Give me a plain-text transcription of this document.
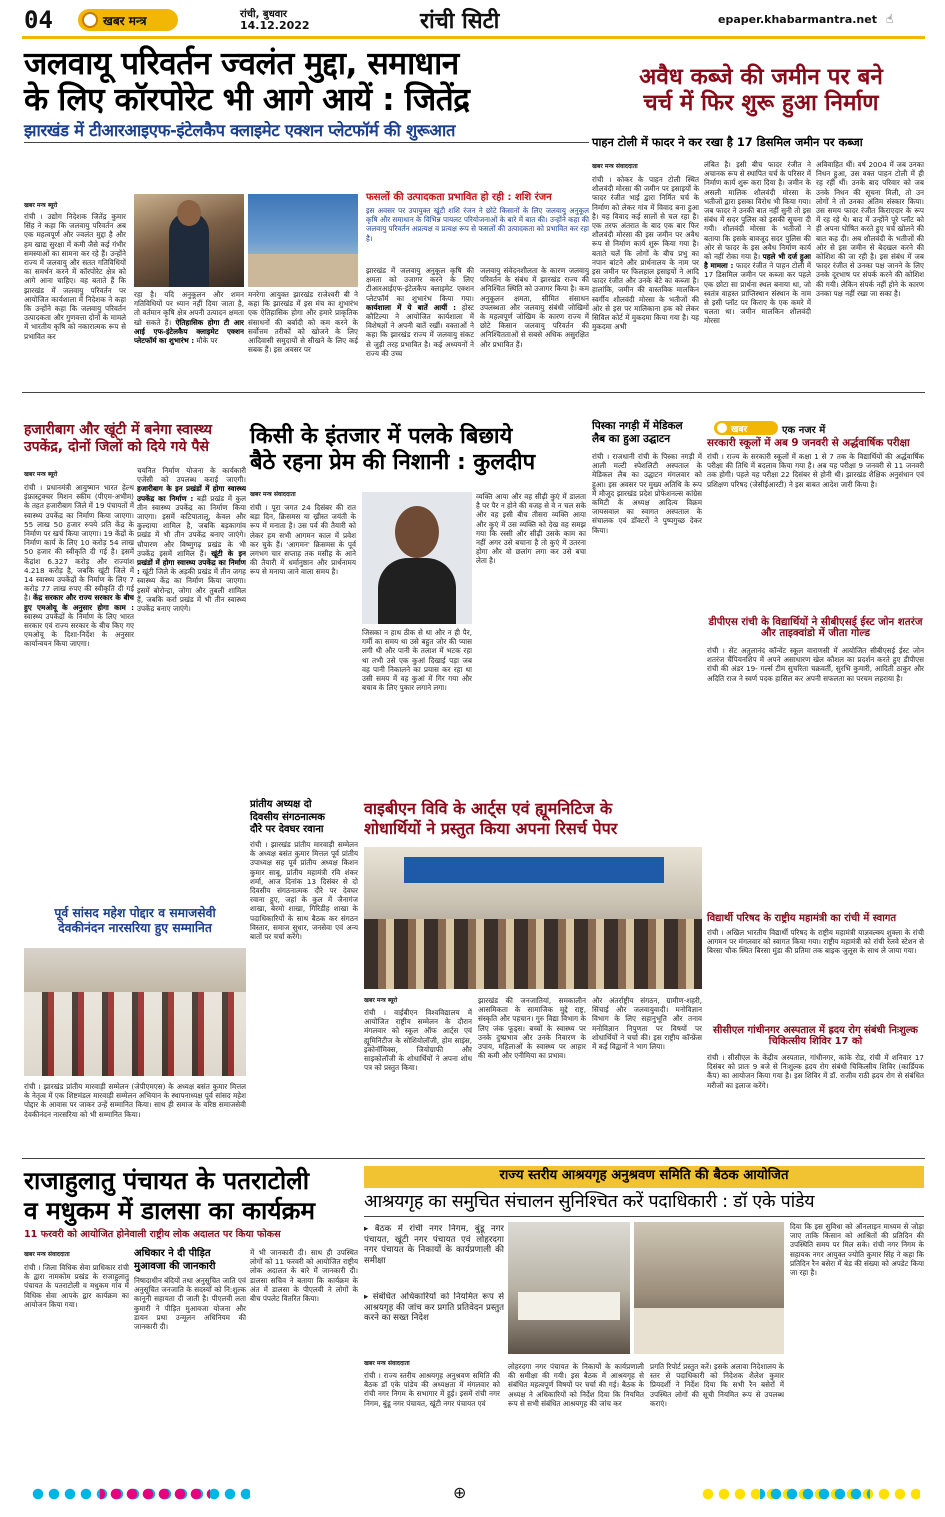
04	खबर मन्त्र	रांची, बुधवार
14.12.2022	रांची सिटी	epaper.khabarmantra.net ☝
जलवायू परिवर्तन ज्वलंत मुद्दा, समाधान
के लिए कॉरपोरेट भी आगे आयें : जितेंद्र
झारखंड में टीआरआइएफ-इंटेलकैप क्लाइमेट एक्शन प्लेटफॉर्म की शुरूआत
खबर मन्त्र ब्यूरो
रांची । उद्योग निदेशक जितेंद्र कुमार सिंह ने कहा कि जलवायु परिवर्तन अब एक महत्वपूर्ण और ज्वलंत मुद्दा है और हम खाद्य सुरक्षा में कमी जैसे कई गंभीर समस्याओं का सामना कर रहे हैं। उन्होंने राज्य में जलवायु और सतत गतिविधियों का समर्थन करने में कॉरपोरेट क्षेत्र को आगे आना चाहिए। वह बताते हैं कि झारखंड में जलवायु परिवर्तन पर आयोजित कार्यशाला में निदेशक ने कहा कि उन्होंने कहा कि जलवायु परिवर्तन उत्पादकता और गुणवत्ता दोनों के मामले में भारतीय कृषि को नकारात्मक रूप से प्रभावित कर
रहा है। यदि अनुकूलन और शमन गतिविधियों पर ध्यान नहीं दिया जाता है, तो वर्तमान कृषि क्षेत्र अपनी उत्पादन क्षमता खो सकते हैं। ऐतिहासिक होगा टी आर आई एफ-इंटेलकैप क्लाइमेट एक्शन प्लेटफॉर्म का शुभारंभ : मौके पर
मनरेगा आयुक्त झारखंड राजेश्वरी बी ने कहा कि झारखंड में इस मंच का शुभारंभ एक ऐतिहासिक होगा और हमारे प्राकृतिक संसाधनों की बर्बादी को कम करने के सर्वोत्तम तरीकों को खोजने के लिए आदिवासी समुदायों से सीखने के लिए कई सबक हैं। इस अवसर पर
फसलों की उत्पादकता प्रभावित हो रही : शशि रंजन
इस अवसर पर उपायुक्त खूंटी शशि रंजन ने छोटे किसानों के लिए जलवायु अनुकूल कृषि और समाधान के विभिन्न पायलट परियोजनाओं के बारे में बात की। उन्होंने कहा की जलवायु परिवर्तन अप्रत्यक्ष व प्रत्यक्ष रूप से फसलों की उत्पादकता को प्रभावित कर रहा है।
झारखंड में जलवायु अनुकूल कृषि की क्षमता को उजागर करने के लिए टीआरआईएफ-इंटेलकैप क्लाइमेट एक्शन प्लेटफॉर्म का शुभारंभ किया गया। कार्यशाला में ये बातें आयीं : होस्ट कौटिल्या ने आयोजित कार्यशाला में विशेषज्ञों ने अपनी बातें रखीं। वक्ताओं ने कहा कि झारखंड राज्य में जलवायु संकट से जुड़ी तरह प्रभावित है। कई अध्ययनों ने राज्य की उच्च
जलवायु संवेदनशीलता के कारण जलवायु परिवर्तन के संबंध में झारखंड राज्य की अनिश्चित स्थिति को उजागर किया है। कम अनुकूलन क्षमता, सीमित संसाधन उपलब्धता और जलवायु संबंधी जोखिमों के महत्वपूर्ण जोखिम के कारण राज्य में छोटे किसान जलवायु परिवर्तन की अनिश्चितताओं से सबसे अधिक असुरक्षित और प्रभावित हैं।
अवैध कब्जे की जमीन पर बने
चर्च में फिर शुरू हुआ निर्माण
पाहन टोली में फादर ने कर रखा है 17 डिसमिल जमीन पर कब्जा
खबर मन्त्र संवाददाता
रांची । कोकर के पाहन टोली स्थित शौलवंदी मोरसा की जमीन पर इसाइयों के फादर रंजीत भाई द्वारा निर्मित चर्च के निर्माण को लेकर गांव में विवाद बना हुआ है। यह विवाद कई सालों से चल रहा है। एक तरफ अंतरात के बाद एक बार फिर शौलवंदी मोरसा की इस जमीन पर अवैध रूप से निर्माण कार्य शुरू किया गया है। बताते चलें कि लोगों के बीच प्रभु का नपान बांटने और प्रार्थनालय के नाम पर इस जमीन पर फिलहाल इसाइयों ने आदि फादर रंजीत और उनके बेटे का कब्जा है। हालांकि, जमीन की वास्तविक मालकिन स्वर्गीय शौलवंदी मोरसा के भतीजों की ओर से इस पर मालिकाना हक को लेकर सिविल कोर्ट में मुकदमा किया गया है। यह मुकदमा अभी
लंबित है। इसी बीच फादर रंजीत ने अचानक रूप से स्थापित चर्च के परिसर में निर्माण कार्य शुरू करा दिया है। जमीन के असली मालिक शौलवंदी मोरसा के भतीजों द्वारा इसका विरोध भी किया गया। जब फादर ने उनकी बात नहीं सुनी तो इस संबंध में सदर पुलिस को इसकी सूचना दी गयी। शौलवंदी मोरसा के भतीजों ने बताया कि इसके बावजूद सदर पुलिस की ओर से फादर के इस अवैध निर्माण कार्य को नहीं रोका गया है। पहले भी दर्ज हुआ है मामला : फादर रंजीत ने पाहन टोली में 17 डिसमिल जमीन पर कब्जा कर पहले एक छोटा सा प्रार्थना स्थल बनाया था, जो स्वतंत्र वाहस्त प्राप्तिस्थान संस्थान के नाम से इसी प्लॉट पर किराए के एक कमरे में चलता था। जमीन मालकिन शौलवंदी मोरसा
अविवाहित थीं। वर्ष 2004 में जब उनका निधन हुआ, उस वक्त पाहन टोली में ही रह रहीं थीं। उनके बाद परिवार को जब उनके निधन की सूचना मिली, तो उन लोगों ने तो उनका अंतिम संस्कार किया। उस समय फादर रंजीत किराएदार के रूप में रह रहे थे। बाद में उन्होंने पूरे प्लॉट को ही अपना घोषित करते हुए चर्च खोलने की बात कह दी। अब शौलवंदी के भतीजों की ओर से इस जमीन से बेदखल करने की कोशिश की जा रही है। इस संबंध में जब फादर रंजीत से उनका पक्ष जानने के लिए उनके दूरभाष पर संपर्क करने की कोशिश की गयी। लेकिन संपर्क नहीं होने के कारण उनका पक्ष नहीं रखा जा सका है।
हजारीबाग और खूंटी में बनेगा स्वास्थ्य
उपकेंद्र, दोनों जिलों को दिये गये पैसे
खबर मन्त्र ब्यूरो
रांची । प्रधानमंत्री आयुष्मान भारत हेल्थ इंफ्रास्ट्रक्चर मिशन स्कीम (पीएम-अभीम) के तहत हजारीबाग जिले में 19 पंचायतों में स्वास्थ्य उपकेंद्र का निर्माण किया जाएगा। 55 लाख 50 हजार रुपये प्रति केंद्र के निर्माण पर खर्च किया जाएगा। 19 केंद्रों के निर्माण कार्य के लिए 10 करोड़ 54 लाख 50 हजार की स्वीकृति दी गई है। इसमें केंद्रांश 6.327 करोड़ और राज्यांश 4.218 करोड़ है, जबकि खूंटी जिले में 14 स्वास्थ्य उपकेंद्रों के निर्माण के लिए 7 करोड़ 77 लाख रुपए की स्वीकृति दी गई है। केंद्र सरकार और राज्य सरकार के बीच हुए एमओयू के अनुसार होगा काम : स्वास्थ्य उपकेंद्रों के निर्माण के लिए भारत सरकार एवं राज्य सरकार के बीच किए गए एमओयू के दिशा-निर्देश के अनुसार कार्यान्वयन किया जाएगा।
चयनित निर्माण योजना के कार्यकारी एजेंसी को उपलब्ध कराई जाएगी। हजारीबाग के इन प्रखंडों में होगा स्वास्थ्य उपकेंद्र का निर्माण : बड़ी प्रखंड में कुल तीन स्वास्थ्य उपकेंद्र का निर्माण किया जाएगा। इसमें कटियातालू, केवल और कुल्दाया शामिल है, जबकि बड़कागांव प्रखंड में भी तीन उपकेंद्र बनाए जाएंगे। चौपारण और विष्णुगढ़ प्रखंड के भी उपकेंद्र इसमें शामिल हैं। खूंटी के इन प्रखंडों में होगा स्वास्थ्य उपकेंद्र का निर्माण : खूंटी जिले के अड़की प्रखंड में तीन जगह स्वास्थ्य केंद्र का निर्माण किया जाएगा। इसमें बोरोन्द्रा, जोगा और तुबली शामिल हैं, जबकि कर्रा प्रखंड में भी तीन स्वास्थ्य उपकेंद्र बनाए जाएंगे।
किसी के इंतजार में पलके बिछाये
बैठे रहना प्रेम की निशानी : कुलदीप
खबर मन्त्र संवाददाता
रांची । पूरा जगत 24 दिसंबर की रात बड़ा दिन, क्रिसमस या ख्रीस्त जयंती के रूप में मनाता है। उस पर्व की तैयारी को लेकर हम सभी आगमन काल में प्रवेश कर चुके हैं। 'आगमन' क्रिसमस के पूर्व लगभग चार सप्ताह तक मसीह के आने की तैयारी में धर्मानुष्ठान और प्रार्थनामय रूप से मनाया जाने वाला समय है।
जिसका न हाथ ठीक से था और न ही पैर, गर्मी का समय था उसे बहुत जोर की प्यास लगी थी और पानी के तलाश में भटक रहा था तभी उसे एक कुआं दिखाई पड़ा जब वह पानी निकालने का प्रयास कर रहा था उसी समय में वह कुआं में गिर गया और बचाव के लिए पुकार लगाने लगा।
व्यक्ति आया और वह सीढ़ी कुएं में डालता है पर पैर न होने की वजह से वे न चल सके और वह इसी बीच तीसरा व्यक्ति आया और कुएं में उस व्यक्ति को देख वह समझ गया कि रस्सी और सीढ़ी उसके काम का नहीं अगर उसे बचाना है तो कुएं में उतरना होगा और वो छलांग लगा कर उसे बचा लेता है।
पिस्का नगड़ी में मेडिकल
लैब का हुआ उद्घाटन
रांची । राजधानी रांची के पिस्का नगड़ी में आली मल्टी स्पेशलिटी अस्पताल के मेडिकल लैब का उद्घाटन मंगलवार को हुआ। इस अवसर पर मुख्य अतिथि के रूप में मौजूद झारखंड प्रदेश प्रोफेशनल्स कांग्रेस कमिटी के अध्यक्ष आदित्य विक्रम जायसवाल का स्वागत अस्पताल के संचालक एवं डॉक्टरों ने पुष्पगुच्छ देकर किया।
खबर	एक नजर में
सरकारी स्कूलों में अब 9 जनवरी से अर्द्धवार्षिक परीक्षा
रांची । राज्य के सरकारी स्कूलों में कक्षा 1 से 7 तक के विद्यार्थियों की अर्द्धवार्षिक परीक्षा की तिथि में बदलाव किया गया है। अब यह परीक्षा 9 जनवरी से 11 जनवरी तक होगी। पहले यह परीक्षा 22 दिसंबर से होनी थी। झारखंड शैक्षिक अनुसंधान एवं प्रशिक्षण परिषद (जेसीईआरटी) ने इस बाबत आदेश जारी किया है।
डीपीएस रांची के विद्यार्थियों ने सीबीएसई ईस्ट जोन शतरंज और ताइक्वांडो में जीता गोल्ड
रांची । सेंट अतुलानंद कॉन्वेंट स्कूल वाराणसी में आयोजित सीबीएसई ईस्ट जोन शतरंज चैंपियनशिप में अपने असाधारण खेल कौशल का प्रदर्शन करते हुए डीपीएस रांची की अंडर 19- गर्ल्स टीम सुचरिता चक्रवर्ती, सुरभि कुमारी, आदिती ठाकुर और अदिति राज ने स्वर्ण पदक हासिल कर अपनी सफलता का परचम लहराया है।
विद्यार्थी परिषद के राष्ट्रीय महामंत्री का रांची में स्वागत
रांची । अखिल भारतीय विद्यार्थी परिषद के राष्ट्रीय महामंत्री याज्ञवल्क्य शुक्ला के रांची आगमन पर मंगलवार को स्वागत किया गया। राष्ट्रीय महामंत्री को रांची रेलवे स्टेशन से बिरसा चौक स्थित बिरसा मुंडा की प्रतिमा तक बाइक जुलूस के साथ ले जाया गया।
सीसीएल गांधीनगर अस्पताल में ह्रदय रोग संबंधी निःशुल्क चिकित्सीय शिविर 17 को
रांची । सीसीएल के केंद्रीय अस्पताल, गांधीनगर, कांके रोड, रांची में शनिवार 17 दिसंबर को प्रातः 9 बजे से निःशुल्क ह्रदय रोग संबंधी चिकित्सीय शिविर (कार्डियक कैंप) का आयोजन किया गया है। इस शिविर में डॉ. राजीव राठी ह्रदय रोग से संबंधित मरीजों का इलाज करेंगे।
प्रांतीय अध्यक्ष दो
दिवसीय संगठनात्मक
दौरे पर देवघर रवाना
रांची । झारखंड प्रांतीय मारवाड़ी सम्मेलन के अध्यक्ष बसंत कुमार मित्तल पूर्व प्रांतीय उपाध्यक्ष सह पूर्व प्रांतीय अध्यक्ष किशन कुमार साबू, प्रांतीय महामंत्री रवि शंकर शर्मा, आज दिनांक 13 दिसंबर से दो दिवसीय संगठनात्मक दौरे पर देवघर रवाना हुए, जहां के कुल में जैनागंज शाखा, बेरमो शाखा, गिरिडीह शाखा के पदाधिकारियों के साथ बैठक कर संगठन विस्तार, समाज सुधार, जनसेवा एवं अन्य बातों पर चर्चा करेंगे।
वाइबीएन विवि के आर्ट्स एवं ह्यूमनिटिज के
शोधार्थियों ने प्रस्तुत किया अपना रिसर्च पेपर
खबर मन्त्र ब्यूरो
रांची । वाईबीएन विश्वविद्यालय में आयोजित राष्ट्रीय सम्मेलन के दौरान मंगलवार को स्कूल ऑफ आर्ट्स एवं ह्यूमिनिटीज के सोशियोलॉजी, होम साइंस, इकोनॉमिक्स, जियोग्राफी और साइकोलॉजी के शोधार्थियों ने अपना शोध पत्र को प्रस्तुत किया।
झारखंड की जनजातियां, समकालीन आसमिकता के सामाजिक मुद्दे राष्ट्र, संस्कृति और पहचान। गुरु विद्या विभाग के लिए जंक फूड्स। बच्चों के स्वास्थ्य पर उनके दुष्प्रभाव और उनके निवारण के उपाय, महिलाओं के स्वास्थ्य पर आहार की कमी और एनीमिया का प्रभाव।
और अंतर्राष्ट्रीय संगठन, ग्रामीण-शहरी, सिंचाई और जलवायुवादी। मनोविज्ञान विभाग के लिए सहानुभूति और तनाव मनोविज्ञान निपुणता पर विषयों पर शोधार्थियों ने चर्चा की। इस राष्ट्रीय कॉन्फ्रेंस में कई विद्वानों ने भाग लिया।
पूर्व सांसद महेश पोद्दार व समाजसेवी
देवकीनंदन नारसरिया हुए सम्मानित
रांची । झारखंड प्रांतीय मारवाड़ी सम्मेलन (जेपीएमएस) के अध्यक्ष बसंत कुमार मित्तल के नेतृत्व में एक शिष्टमंडल मारवाड़ी सम्मेलन अभियान के स्थापनाध्यक्ष पूर्व सांसद महेश पोद्दार के आवास पर जाकर उन्हें सम्मानित किया। साथ ही समाज के वरिष्ठ समाजसेवी देवकीनंदन नारसरिया को भी सम्मानित किया।
राजाहुलातु पंचायत के पतराटोली
व मधुकम में डालसा का कार्यक्रम
11 फरवरी को आयोजित होनेवाली राष्ट्रीय लोक अदालत पर किया फोकस
खबर मन्त्र संवाददाता
रांची । जिला विधिक सेवा प्राधिकार रांची के द्वारा नामकोम प्रखंड के राजाहुलातु पंचायत के पतराटोली व मधुकम गांव में विधिक सेवा आपके द्वार कार्यक्रम का आयोजन किया गया।
अधिकार ने दी पीड़ित
मुआवजा की जानकारी
निषादाधीन बंदियों तथा अनुसूचित जाति एवं अनुसूचित जनजाति के सदस्यों को नि:शुल्क कानूनी सहायता दी जाती है। पीएलवी लता कुमारी ने पीड़ित मुआवजा योजना और डायन प्रथा उन्मूलन अधिनियम की जानकारी दी।
में भी जानकारी दी। साथ ही उपस्थित लोगों को 11 फरवरी को आयोजित राष्ट्रीय लोक अदालत के बारे में जानकारी दी। डालसा सचिव ने बताया कि कार्यक्रम के अंत में डालसा के पीएलवी ने लोगों के बीच पंपलेट वितरित किया।
राज्य स्तरीय आश्रयगृह अनुश्रवण समिति की बैठक आयोजित
आश्रयगृह का समुचित संचालन सुनिश्चित करें पदाधिकारी : डॉ एके पांडेय
▸ बैठक में रांची नगर निगम, बुंडू नगर पंचायत, खूंटी नगर पंचायत एवं लोहरदगा नगर पंचायत के निकायों के कार्यप्रणाली की समीक्षा
▸ संबंधित अधिकारियों को नियमित रूप से आश्रयगृह की जांच कर प्रगति प्रतिवेदन प्रस्तुत करने का सख्त निदेश
खबर मन्त्र संवाददाता
रांची । राज्य स्तरीय आश्रयगृह अनुश्रवण समिति की बैठक डॉ एके पांडेय की अध्यक्षता में मंगलवार को रांची नगर निगम के सभागार में हुई। इसमें रांची नगर निगम, बुंडू नगर पंचायत, खूंटी नगर पंचायत एवं
लोहरदगा नगर पंचायत के निकायों के कार्यप्रणाली की समीक्षा की गयी। इस बैठक में आश्रयगृह से संबंधित महत्वपूर्ण विषयों पर चर्चा की गई। बैठक के अध्यक्ष ने अधिकारियों को निर्देश दिया कि नियमित रूप से सभी संबंधित आश्रयगृह की जांच कर
प्रगति रिपोर्ट प्रस्तुत करें। इसके अलावा निदेशालय के स्तर से पदाधिकारी को निदेशक शैलेश कुमार प्रियदर्शी ने निर्देश दिया कि सभी रैन बसेरों में उपस्थित लोगों की सूची नियमित रूप से उपलब्ध कराएं।
दिया कि इस सुविधा को ऑनलाइन माध्यम से जोड़ा जाए ताकि किसान को आश्रितों की प्रतिदिन की उपस्थिति समय पर मिल सके। रांची नगर निगम के सहायक नगर आयुक्त ज्योति कुमार सिंह ने कहा कि प्रतिदिन रैन बसेरा में बेड की संख्या को अपडेट किया जा रहा है।
⊕
